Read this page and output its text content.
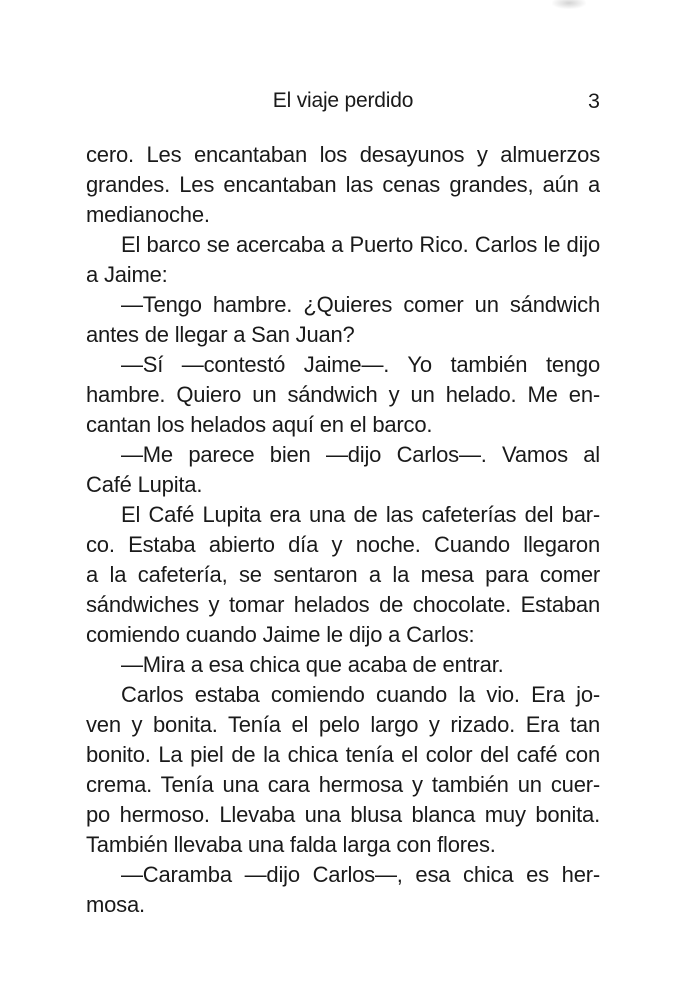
El viaje perdido	3
cero. Les encantaban los desayunos y almuerzos
grandes. Les encantaban las cenas grandes, aún a
medianoche.
El barco se acercaba a Puerto Rico. Carlos le dijo
a Jaime:
—Tengo hambre. ¿Quieres comer un sándwich
antes de llegar a San Juan?
—Sí —contestó Jaime—. Yo también tengo
hambre. Quiero un sándwich y un helado. Me en-
cantan los helados aquí en el barco.
—Me parece bien —dijo Carlos—. Vamos al
Café Lupita.
El Café Lupita era una de las cafeterías del bar-
co. Estaba abierto día y noche. Cuando llegaron
a la cafetería, se sentaron a la mesa para comer
sándwiches y tomar helados de chocolate. Estaban
comiendo cuando Jaime le dijo a Carlos:
—Mira a esa chica que acaba de entrar.
Carlos estaba comiendo cuando la vio. Era jo-
ven y bonita. Tenía el pelo largo y rizado. Era tan
bonito. La piel de la chica tenía el color del café con
crema. Tenía una cara hermosa y también un cuer-
po hermoso. Llevaba una blusa blanca muy bonita.
También llevaba una falda larga con flores.
—Caramba —dijo Carlos—, esa chica es her-
mosa.
